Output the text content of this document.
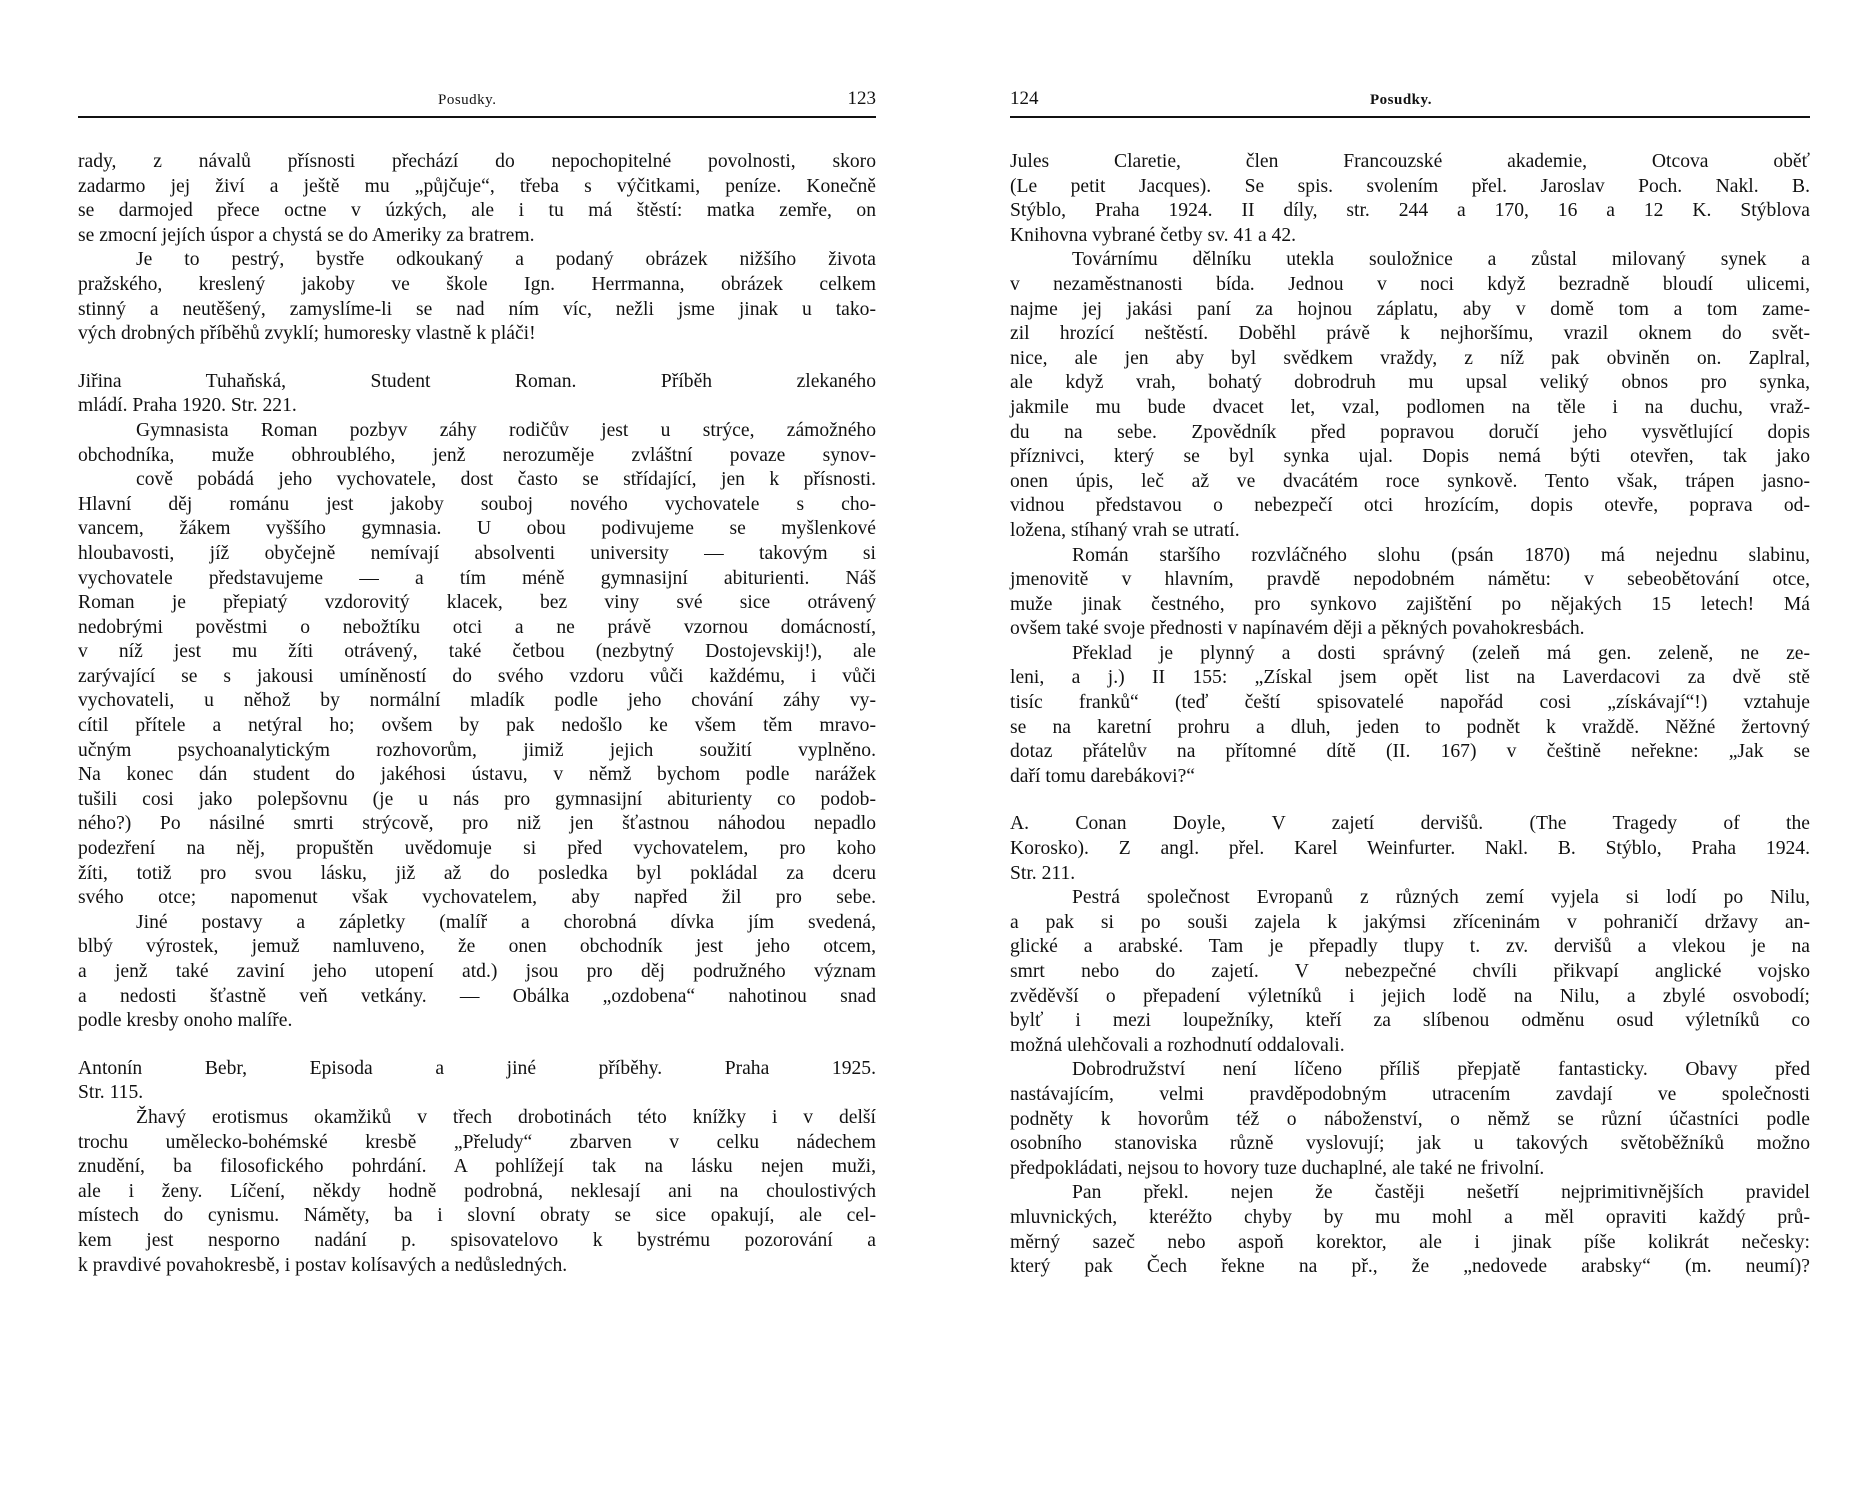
Posudky.	123
rady, z návalů přísnosti přechází do nepochopitelné povolnosti, skoro
zadarmo jej živí a ještě mu „půjčuje“, třeba s výčitkami, peníze. Konečně
se darmojed přece octne v úzkých, ale i tu má štěstí: matka zemře, on
se zmocní jejích úspor a chystá se do Ameriky za bratrem.
Je to pestrý, bystře odkoukaný a podaný obrázek nižšího života
pražského, kreslený jakoby ve škole Ign. Herrmanna, obrázek celkem
stinný a neutěšený, zamyslíme-li se nad ním víc, nežli jsme jinak u tako-
vých drobných příběhů zvyklí; humoresky vlastně k pláči!
Jiřina Tuhaňská, Student Roman. Příběh zlekaného
mládí. Praha 1920. Str. 221.
Gymnasista Roman pozbyv záhy rodičův jest u strýce, zámožného
obchodníka, muže obhroublého, jenž nerozuměje zvláštní povaze synov-
cově pobádá jeho vychovatele, dost často se střídající, jen k přísnosti.
Hlavní děj románu jest jakoby souboj nového vychovatele s cho-
vancem, žákem vyššího gymnasia. U obou podivujeme se myšlenkové
hloubavosti, jíž obyčejně nemívají absolventi university — takovým si
vychovatele představujeme — a tím méně gymnasijní abiturienti. Náš
Roman je přepiatý vzdorovitý klacek, bez viny své sice otrávený
nedobrými pověstmi o nebožtíku otci a ne právě vzornou domácností,
v níž jest mu žíti otrávený, také četbou (nezbytný Dostojevskij!), ale
zarývající se s jakousi umíněností do svého vzdoru vůči každému, i vůči
vychovateli, u něhož by normální mladík podle jeho chování záhy vy-
cítil přítele a netýral ho; ovšem by pak nedošlo ke všem těm mravo-
učným psychoanalytickým rozhovorům, jimiž jejich soužití vyplněno.
Na konec dán student do jakéhosi ústavu, v němž bychom podle narážek
tušili cosi jako polepšovnu (je u nás pro gymnasijní abiturienty co podob-
ného?) Po násilné smrti strýcově, pro niž jen šťastnou náhodou nepadlo
podezření na něj, propuštěn uvědomuje si před vychovatelem, pro koho
žíti, totiž pro svou lásku, již až do posledka byl pokládal za dceru
svého otce; napomenut však vychovatelem, aby napřed žil pro sebe.
Jiné postavy a zápletky (malíř a chorobná dívka jím svedená,
blbý výrostek, jemuž namluveno, že onen obchodník jest jeho otcem,
a jenž také zaviní jeho utopení atd.) jsou pro děj podružného význam
a nedosti šťastně veň vetkány. — Obálka „ozdobena“ nahotinou snad
podle kresby onoho malíře.
Antonín Bebr, Episoda a jiné příběhy. Praha 1925.
Str. 115.
Žhavý erotismus okamžiků v třech drobotinách této knížky i v delší
trochu umělecko-bohémské kresbě „Přeludy“ zbarven v celku nádechem
znudění, ba filosofického pohrdání. A pohlížejí tak na lásku nejen muži,
ale i ženy. Líčení, někdy hodně podrobná, neklesají ani na choulostivých
místech do cynismu. Náměty, ba i slovní obraty se sice opakují, ale cel-
kem jest nesporno nadání p. spisovatelovo k bystrému pozorování a
k pravdivé povahokresbě, i postav kolísavých a nedůsledných.
124	Posudky.
Jules Claretie, člen Francouzské akademie, Otcova oběť
(Le petit Jacques). Se spis. svolením přel. Jaroslav Poch. Nakl. B.
Stýblo, Praha 1924. II díly, str. 244 a 170, 16 a 12 K. Stýblova
Knihovna vybrané četby sv. 41 a 42.
Továrnímu dělníku utekla souložnice a zůstal milovaný synek a
v nezaměstnanosti bída. Jednou v noci když bezradně bloudí ulicemi,
najme jej jakási paní za hojnou záplatu, aby v domě tom a tom zame-
zil hrozící neštěstí. Doběhl právě k nejhoršímu, vrazil oknem do svět-
nice, ale jen aby byl svědkem vraždy, z níž pak obviněn on. Zaplral,
ale když vrah, bohatý dobrodruh mu upsal veliký obnos pro synka,
jakmile mu bude dvacet let, vzal, podlomen na těle i na duchu, vraž-
du na sebe. Zpovědník před popravou doručí jeho vysvětlující dopis
příznivci, který se byl synka ujal. Dopis nemá býti otevřen, tak jako
onen úpis, leč až ve dvacátém roce synkově. Tento však, trápen jasno-
vidnou představou o nebezpečí otci hrozícím, dopis otevře, poprava od-
ložena, stíhaný vrah se utratí.
Román staršího rozvláčného slohu (psán 1870) má nejednu slabinu,
jmenovitě v hlavním, pravdě nepodobném námětu: v sebeobětování otce,
muže jinak čestného, pro synkovo zajištění po nějakých 15 letech! Má
ovšem také svoje přednosti v napínavém ději a pěkných povahokresbách.
Překlad je plynný a dosti správný (zeleň má gen. zeleně, ne ze-
leni, a j.) II 155: „Získal jsem opět list na Laverdacovi za dvě stě
tisíc franků“ (teď čeští spisovatelé napořád cosi „získávají“!) vztahuje
se na karetní prohru a dluh, jeden to podnět k vraždě. Něžné žertovný
dotaz přátelův na přítomné dítě (II. 167) v češtině neřekne: „Jak se
daří tomu darebákovi?“
A. Conan Doyle, V zajetí dervišů. (The Tragedy of the
Korosko). Z angl. přel. Karel Weinfurter. Nakl. B. Stýblo, Praha 1924.
Str. 211.
Pestrá společnost Evropanů z různých zemí vyjela si lodí po Nilu,
a pak si po souši zajela k jakýmsi zříceninám v pohraničí državy an-
glické a arabské. Tam je přepadly tlupy t. zv. dervišů a vlekou je na
smrt nebo do zajetí. V nebezpečné chvíli přikvapí anglické vojsko
zvěděvší o přepadení výletníků i jejich lodě na Nilu, a zbylé osvobodí;
bylť i mezi loupežníky, kteří za slíbenou odměnu osud výletníků co
možná ulehčovali a rozhodnutí oddalovali.
Dobrodružství není líčeno příliš přepjatě fantasticky. Obavy před
nastávajícím, velmi pravděpodobným utracením zavdají ve společnosti
podněty k hovorům též o náboženství, o němž se různí účastníci podle
osobního stanoviska různě vyslovují; jak u takových světoběžníků možno
předpokládati, nejsou to hovory tuze duchaplné, ale také ne frivolní.
Pan překl. nejen že častěji nešetří nejprimitivnějších pravidel
mluvnických, kteréžto chyby by mu mohl a měl opraviti každý prů-
měrný sazeč nebo aspoň korektor, ale i jinak píše kolikrát nečesky:
který pak Čech řekne na př., že „nedovede arabsky“ (m. neumí)?
